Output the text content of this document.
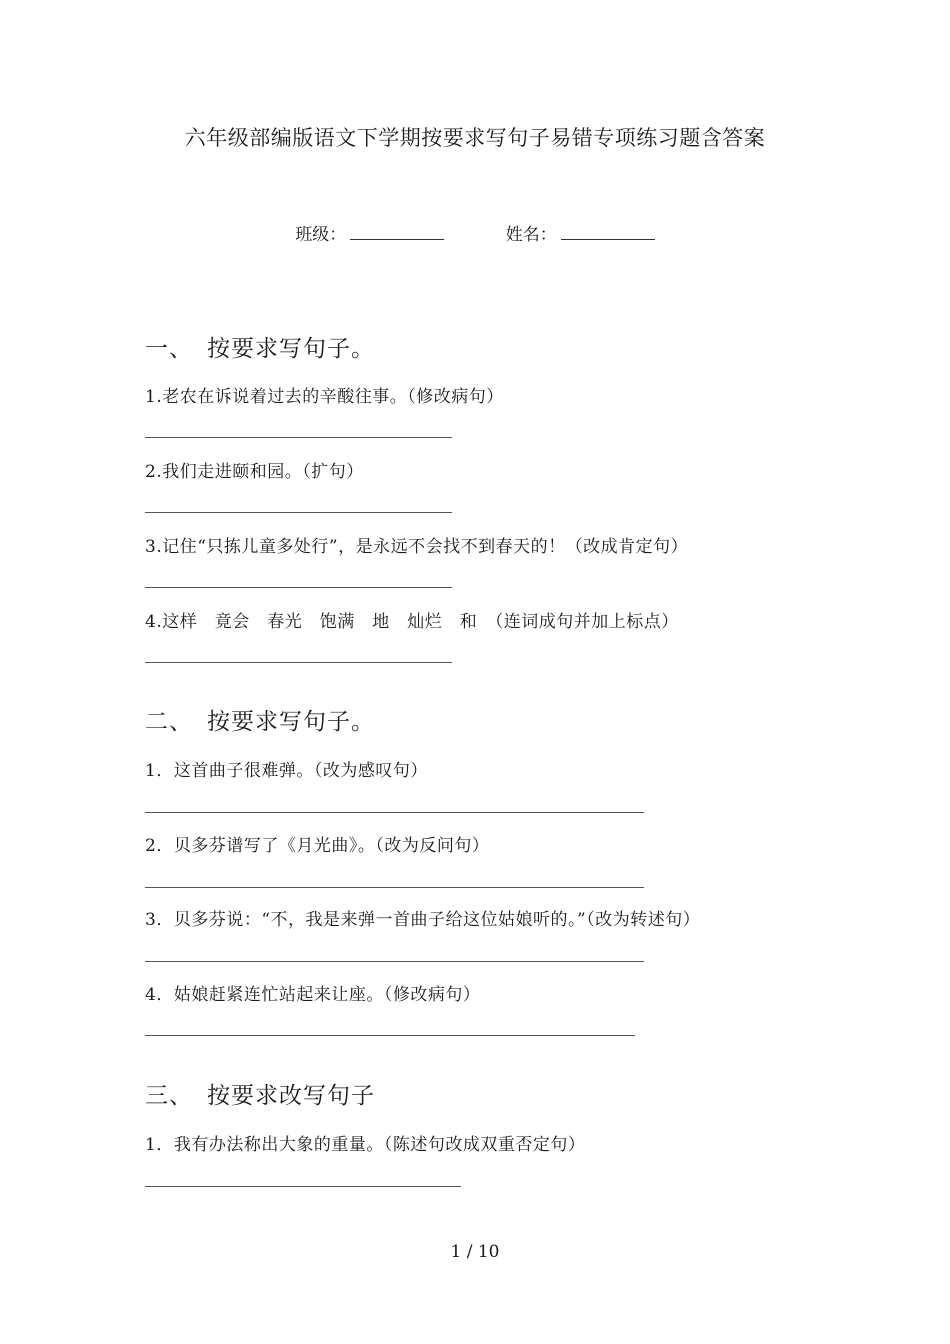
六年级部编版语文下学期按要求写句子易错专项练习题含答案
班级：	姓名：
一、 按要求写句子。
1.老农在诉说着过去的辛酸往事。（修改病句）
2.我们走进颐和园。（扩句）
3.记住“只拣儿童多处行”，是永远不会找不到春天的！（改成肯定句）
4.这样　竟会　春光　饱满　地　灿烂　和　（连词成句并加上标点）
二、 按要求写句子。
1．这首曲子很难弹。（改为感叹句）
2．贝多芬谱写了《月光曲》。（改为反问句）
3．贝多芬说：“不，我是来弹一首曲子给这位姑娘听的。”（改为转述句）
4．姑娘赶紧连忙站起来让座。（修改病句）
三、 按要求改写句子
1．我有办法称出大象的重量。（陈述句改成双重否定句）
1 / 10
